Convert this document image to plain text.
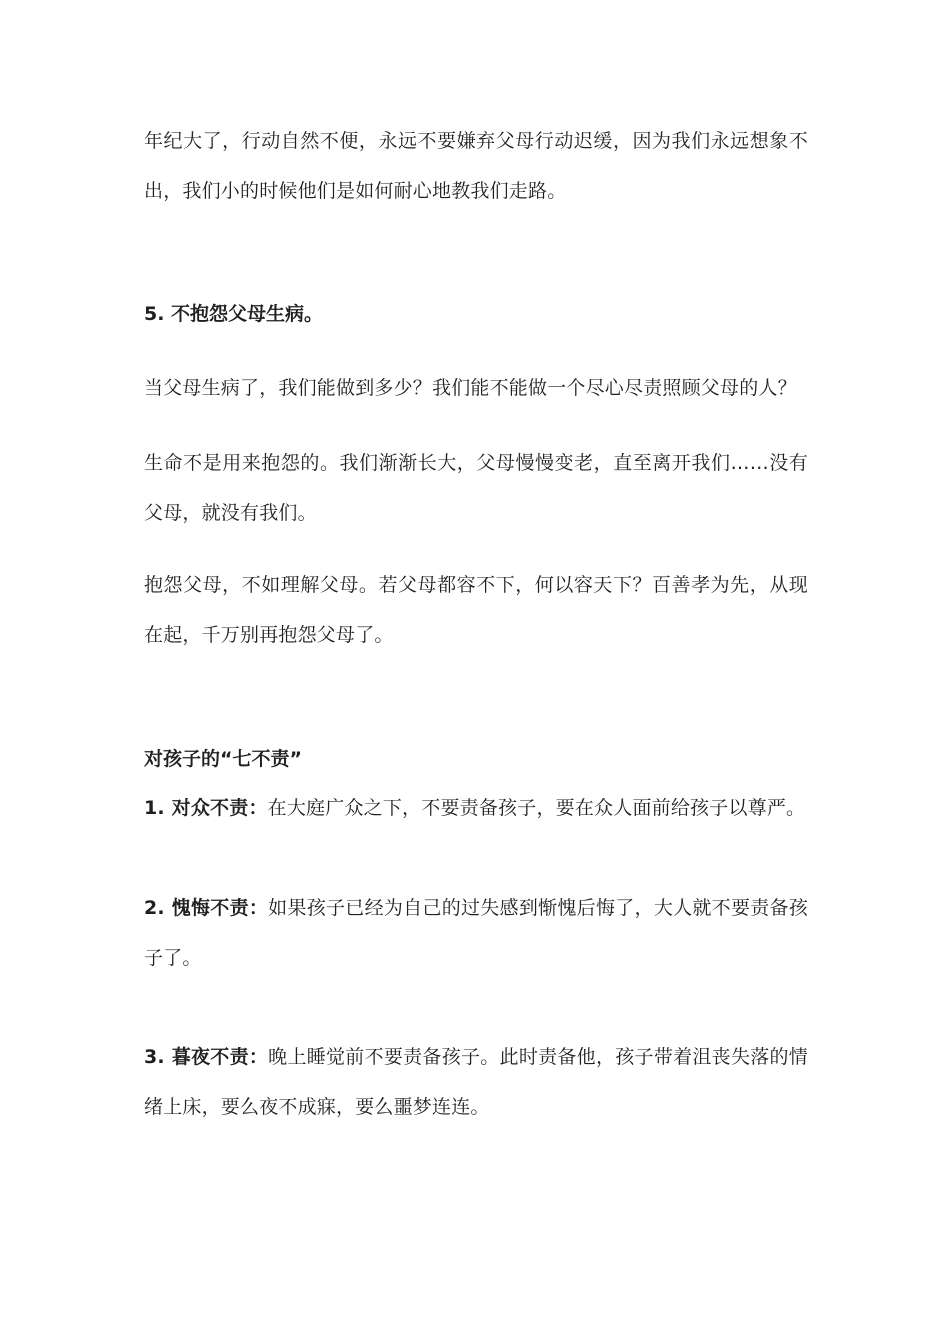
年纪大了，行动自然不便，永远不要嫌弃父母行动迟缓，因为我们永远想象不出，我们小的时候他们是如何耐心地教我们走路。

5. 不抱怨父母生病。

当父母生病了，我们能做到多少？我们能不能做一个尽心尽责照顾父母的人？

生命不是用来抱怨的。我们渐渐长大，父母慢慢变老，直至离开我们……没有父母，就没有我们。

抱怨父母，不如理解父母。若父母都容不下，何以容天下？百善孝为先，从现在起，千万别再抱怨父母了。

对孩子的“七不责”

1. 对众不责：在大庭广众之下，不要责备孩子，要在众人面前给孩子以尊严。

2. 愧悔不责：如果孩子已经为自己的过失感到惭愧后悔了，大人就不要责备孩子了。

3. 暮夜不责：晚上睡觉前不要责备孩子。此时责备他，孩子带着沮丧失落的情绪上床，要么夜不成寐，要么噩梦连连。
